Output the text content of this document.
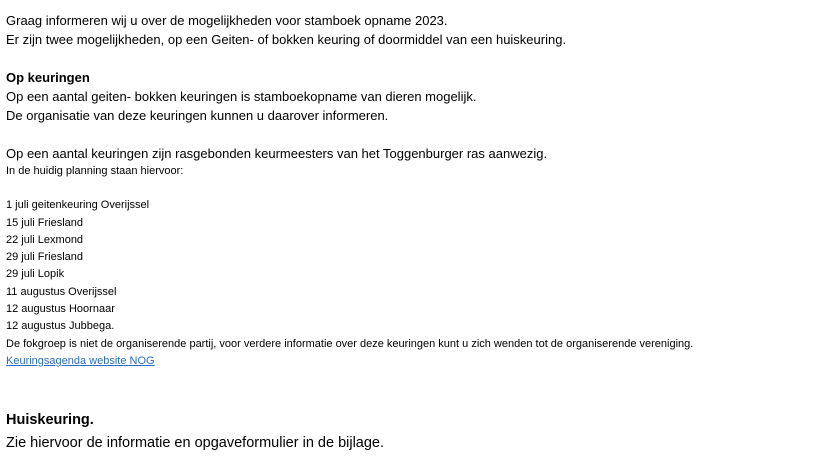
Graag informeren wij u over de mogelijkheden voor stamboek opname 2023.
Er zijn twee mogelijkheden, op een Geiten- of bokken keuring of doormiddel van een huiskeuring.
Op keuringen
Op een aantal geiten- bokken keuringen is stamboekopname van dieren mogelijk.
De organisatie van deze keuringen kunnen u daarover informeren.
Op een aantal keuringen zijn rasgebonden keurmeesters van het Toggenburger ras aanwezig.
In de huidig planning staan hiervoor:
1 juli geitenkeuring Overijssel
15 juli Friesland
22 juli Lexmond
29 juli Friesland
29 juli Lopik
11 augustus Overijssel
12 augustus Hoornaar
12 augustus Jubbega.
De fokgroep is niet de organiserende partij, voor verdere informatie over deze keuringen kunt u zich wenden tot de organiserende vereniging.
Keuringsagenda website NOG
Huiskeuring.
Zie hiervoor de informatie en opgaveformulier in de bijlage.
